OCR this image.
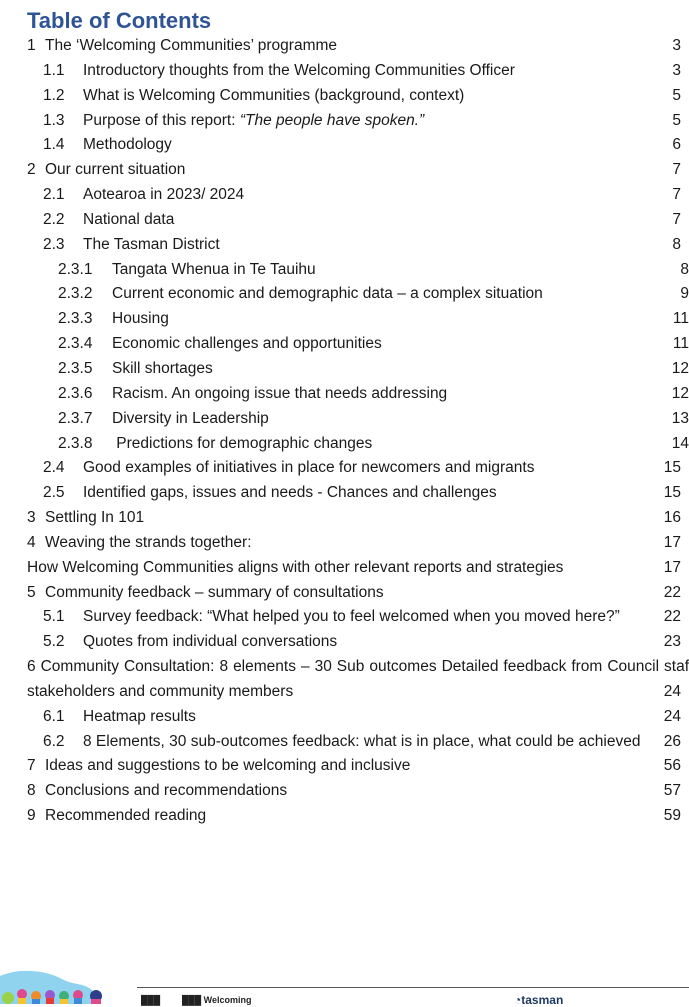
Table of Contents
1 The ‘Welcoming Communities’ programme	3
1.1 Introductory thoughts from the Welcoming Communities Officer	3
1.2 What is Welcoming Communities (background, context)	5
1.3 Purpose of this report: “The people have spoken.”	5
1.4 Methodology	6
2 Our current situation	7
2.1 Aotearoa in 2023/ 2024	7
2.2 National data	7
2.3 The Tasman District	8
2.3.1 Tangata Whenua in Te Tauihu	8
2.3.2 Current economic and demographic data – a complex situation	9
2.3.3 Housing	11
2.3.4 Economic challenges and opportunities	11
2.3.5 Skill shortages	12
2.3.6 Racism. An ongoing issue that needs addressing	12
2.3.7 Diversity in Leadership	13
2.3.8 Predictions for demographic changes	14
2.4 Good examples of initiatives in place for newcomers and migrants	15
2.5 Identified gaps, issues and needs - Chances and challenges	15
3 Settling In 101	16
4 Weaving the strands together:	17
How Welcoming Communities aligns with other relevant reports and strategies	17
5 Community feedback – summary of consultations	22
5.1 Survey feedback: “What helped you to feel welcomed when you moved here?”	22
5.2 Quotes from individual conversations	23
6 Community Consultation: 8 elements – 30 Sub outcomes Detailed feedback from Council staf
stakeholders and community members	24
6.1 Heatmap results	24
6.2 8 Elements, 30 sub-outcomes feedback: what is in place, what could be achieved 26
7 Ideas and suggestions to be welcoming and inclusive	56
8 Conclusions and recommendations	57
9 Recommended reading	59
███ ███ Welcoming	◔tasman
